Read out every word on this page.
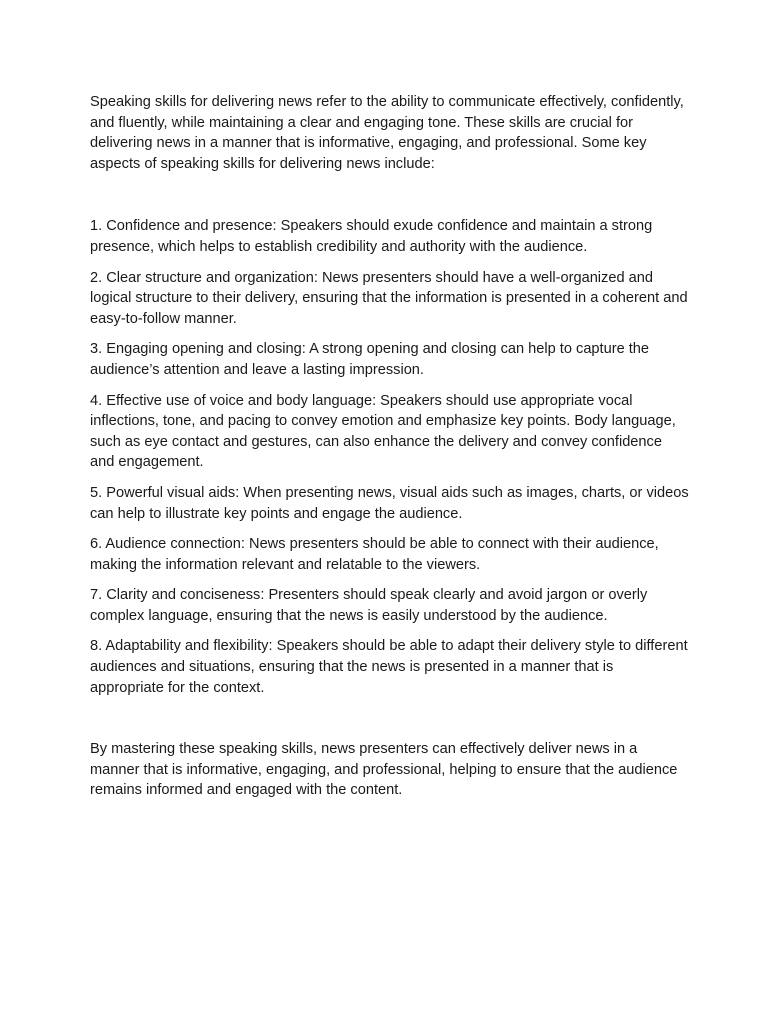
Speaking skills for delivering news refer to the ability to communicate effectively, confidently, and fluently, while maintaining a clear and engaging tone. These skills are crucial for delivering news in a manner that is informative, engaging, and professional. Some key aspects of speaking skills for delivering news include:

1. Confidence and presence: Speakers should exude confidence and maintain a strong presence, which helps to establish credibility and authority with the audience.

2. Clear structure and organization: News presenters should have a well-organized and logical structure to their delivery, ensuring that the information is presented in a coherent and easy-to-follow manner.

3. Engaging opening and closing: A strong opening and closing can help to capture the audience’s attention and leave a lasting impression.

4. Effective use of voice and body language: Speakers should use appropriate vocal inflections, tone, and pacing to convey emotion and emphasize key points. Body language, such as eye contact and gestures, can also enhance the delivery and convey confidence and engagement.

5. Powerful visual aids: When presenting news, visual aids such as images, charts, or videos can help to illustrate key points and engage the audience.

6. Audience connection: News presenters should be able to connect with their audience, making the information relevant and relatable to the viewers.

7. Clarity and conciseness: Presenters should speak clearly and avoid jargon or overly complex language, ensuring that the news is easily understood by the audience.

8. Adaptability and flexibility: Speakers should be able to adapt their delivery style to different audiences and situations, ensuring that the news is presented in a manner that is appropriate for the context.

By mastering these speaking skills, news presenters can effectively deliver news in a manner that is informative, engaging, and professional, helping to ensure that the audience remains informed and engaged with the content.
